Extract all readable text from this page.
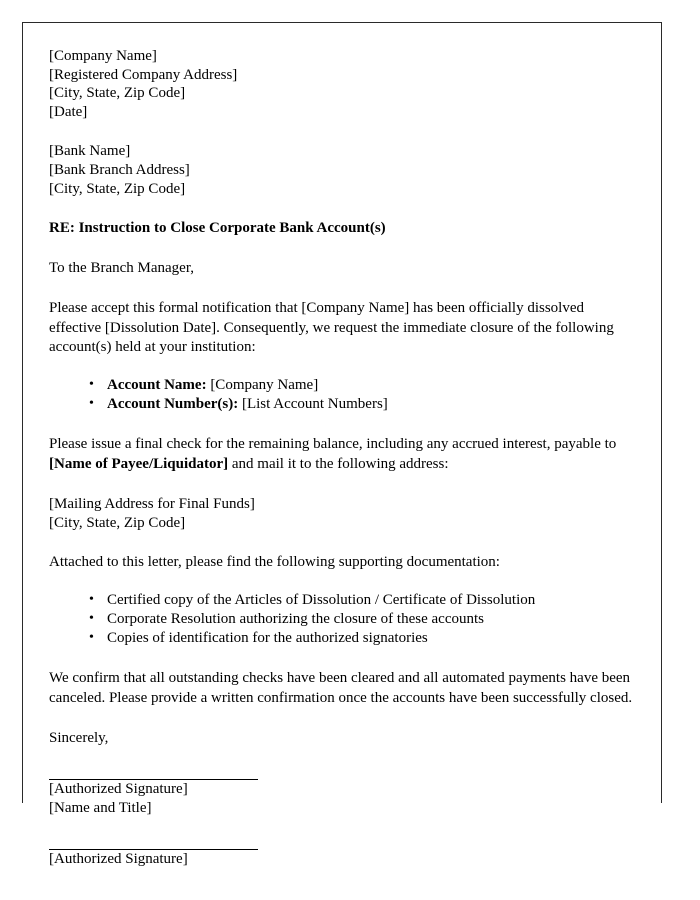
[Company Name]
[Registered Company Address]
[City, State, Zip Code]
[Date]
[Bank Name]
[Bank Branch Address]
[City, State, Zip Code]
RE: Instruction to Close Corporate Bank Account(s)
To the Branch Manager,

Please accept this formal notification that [Company Name] has been officially dissolved effective [Dissolution Date]. Consequently, we request the immediate closure of the following account(s) held at your institution:

• Account Name: [Company Name]
• Account Number(s): [List Account Numbers]

Please issue a final check for the remaining balance, including any accrued interest, payable to [Name of Payee/Liquidator] and mail it to the following address:

[Mailing Address for Final Funds]
[City, State, Zip Code]

Attached to this letter, please find the following supporting documentation:

• Certified copy of the Articles of Dissolution / Certificate of Dissolution
• Corporate Resolution authorizing the closure of these accounts
• Copies of identification for the authorized signatories

We confirm that all outstanding checks have been cleared and all automated payments have been canceled. Please provide a written confirmation once the accounts have been successfully closed.

Sincerely,
[Authorized Signature]
[Name and Title]
[Authorized Signature]
